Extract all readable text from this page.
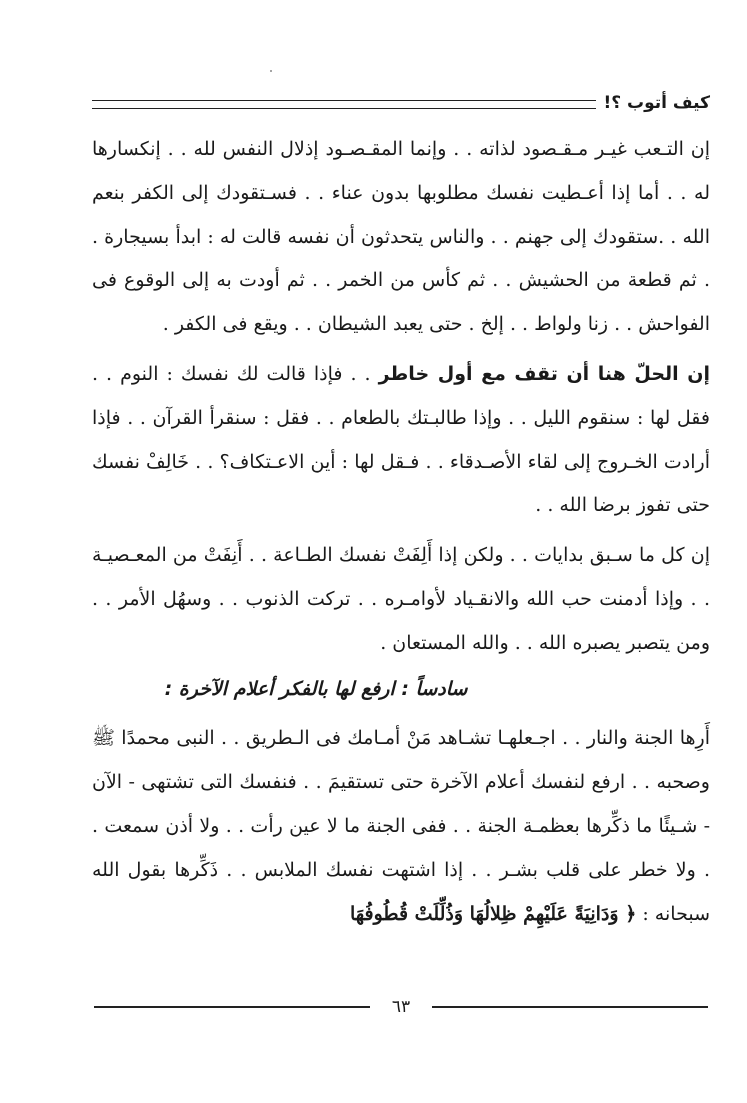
كيف أتوب ؟!

إن التـعب غيـر مـقـصود لذاته . . وإنما المقـصـود إذلال النفس لله . . إنكسارها له . . أما إذا أعـطيت نفسك مطلوبها بدون عناء . . فسـتقودك إلى الكفر بنعم الله . .ستقودك إلى جهنم . . والناس يتحدثون أن نفسه قالت له : ابدأ بسيجارة . . ثم قطعة من الحشيش . . ثم كأس من الخمر . . ثم أودت به إلى الوقوع فى الفواحش . . زنا ولواط . . إلخ . حتى يعبد الشيطان . . ويقع فى الكفر .

إن الحلّ هنا أن تقف مع أول خاطر . . فإذا قالت لك نفسك : النوم . . فقل لها : سنقوم الليل . . وإذا طالبـتك بالطعام . . فقل : سنقرأ القرآن . . فإذا أرادت الخـروج إلى لقاء الأصـدقاء . . فـقل لها : أين الاعـتكاف؟ . . خَالِفْ نفسك حتى تفوز برضا الله . .

إن كل ما سـبق بدايات . . ولكن إذا أَلِفَتْ نفسك الطـاعة . . أَنِفَتْ من المعـصيـة . . وإذا أدمنت حب الله والانقـياد لأوامـره . . تركت الذنوب . . وسهُل الأمر . . ومن يتصبر يصبره الله . . والله المستعان .

سادساً : ارفع لها بالفكر أعلام الآخرة :

أَرِها الجنة والنار . . اجـعلهـا تشـاهد مَنْ أمـامك فى الـطريق . . النبى محمدًا ﷺ وصحبه . . ارفع لنفسك أعلام الآخرة حتى تستقيمَ . . فنفسك التى تشتهى - الآن - شـيئًا ما ذكِّرها بعظمـة الجنة . . ففى الجنة ما لا عين رأت . . ولا أذن سمعت . . ولا خطر على قلب بشـر . . إذا اشتهت نفسك الملابس . . ذَكِّرها بقول الله سبحانه : ﴿ وَدَانِيَةً عَلَيْهِمْ ظِلالُهَا وَذُلِّلَتْ قُطُوفُهَا

٦٣
